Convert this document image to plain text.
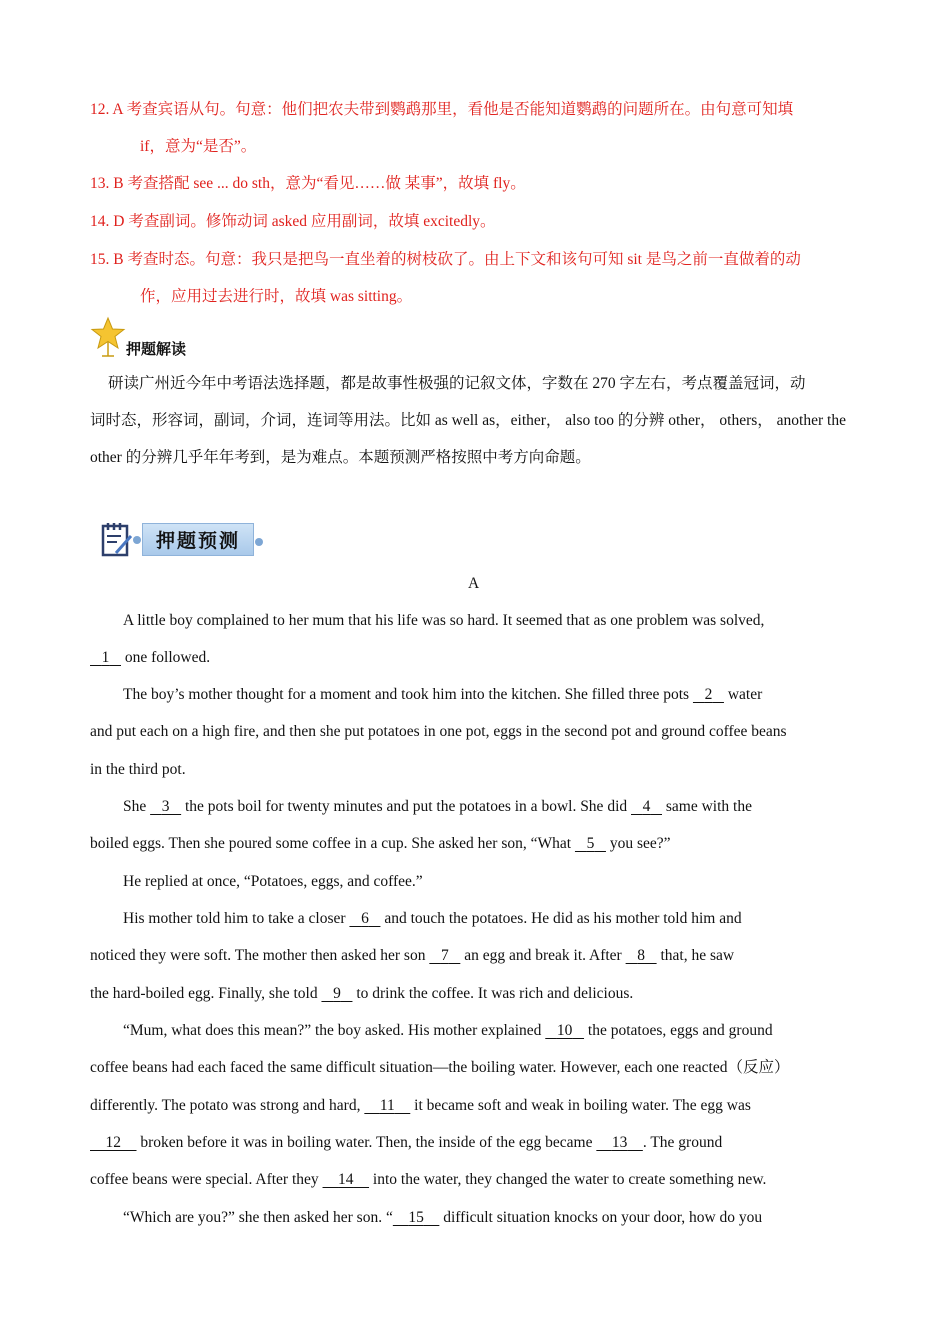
12. A 考查宾语从句。句意：他们把农夫带到鹦鹉那里，看他是否能知道鹦鹉的问题所在。由句意可知填
if，意为“是否”。
13. B 考查搭配 see ... do sth，意为“看见……做 某事”，故填 fly。
14. D 考查副词。修饰动词 asked 应用副词，故填 excitedly。
15. B 考查时态。句意：我只是把鸟一直坐着的树枝砍了。由上下文和该句可知 sit 是鸟之前一直做着的动
作，应用过去进行时，故填 was sitting。
押题解读
研读广州近今年中考语法选择题，都是故事性极强的记叙文体，字数在 270 字左右，考点覆盖冠词，动
词时态，形容词，副词，介词，连词等用法。比如 as well as，either， also too 的分辨 other， others， another the
other 的分辨几乎年年考到，是为难点。本题预测严格按照中考方向命题。
押题预测
A
A little boy complained to her mum that his life was so hard. It seemed that as one problem was solved,
1    one followed.
The boy’s mother thought for a moment and took him into the kitchen. She filled three pots    2    water
and put each on a high fire, and then she put potatoes in one pot, eggs in the second pot and ground coffee beans
in the third pot.
She    3    the pots boil for twenty minutes and put the potatoes in a bowl. She did    4    same with the
boiled eggs. Then she poured some coffee in a cup. She asked her son, “What    5    you see?”
He replied at once, “Potatoes, eggs, and coffee.”
His mother told him to take a closer    6    and touch the potatoes. He did as his mother told him and
noticed they were soft. The mother then asked her son    7    an egg and break it. After    8    that, he saw
the hard-boiled egg. Finally, she told    9    to drink the coffee. It was rich and delicious.
“Mum, what does this mean?” the boy asked. His mother explained    10    the potatoes, eggs and ground
coffee beans had each faced the same difficult situation—the boiling water. However, each one reacted（反应）
differently. The potato was strong and hard,     11     it became soft and weak in boiling water. The egg was
12     broken before it was in boiling water. Then, the inside of the egg became     13 . The ground
coffee beans were special. After they     14     into the water, they changed the water to create something new.
“Which are you?” she then asked her son. “ 15     difficult situation knocks on your door, how do you
